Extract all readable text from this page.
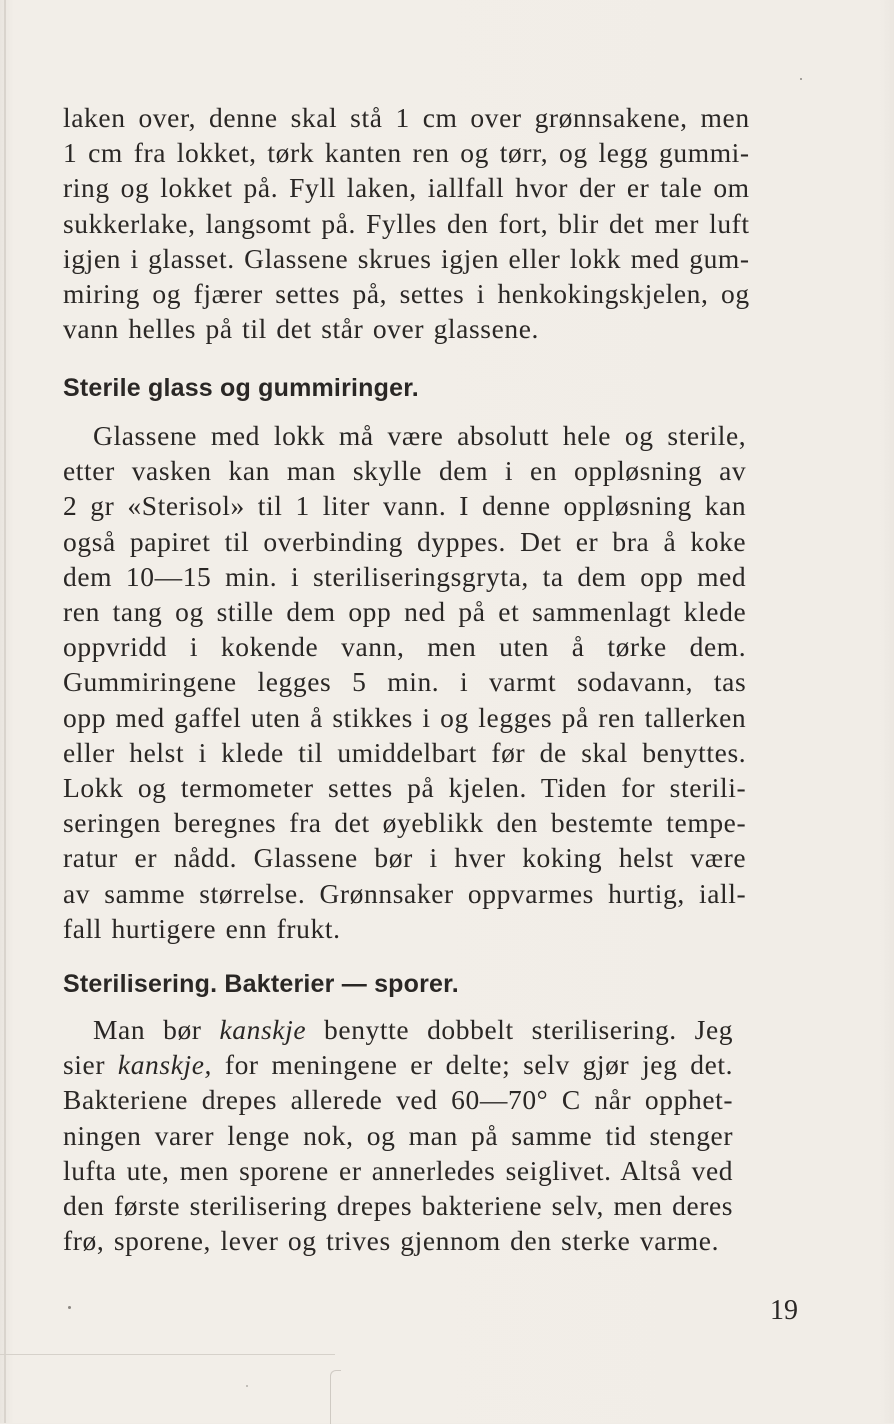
laken over, denne skal stå 1 cm over grønnsakene, men
1 cm fra lokket, tørk kanten ren og tørr, og legg gummi-
ring og lokket på. Fyll laken, iallfall hvor der er tale om
sukkerlake, langsomt på. Fylles den fort, blir det mer luft
igjen i glasset. Glassene skrues igjen eller lokk med gum-
miring og fjærer settes på, settes i henkokingskjelen, og
vann helles på til det står over glassene.

Sterile glass og gummiringer.

Glassene med lokk må være absolutt hele og sterile,
etter vasken kan man skylle dem i en oppløsning av
2 gr «Sterisol» til 1 liter vann. I denne oppløsning kan
også papiret til overbinding dyppes. Det er bra å koke
dem 10—15 min. i steriliseringsgryta, ta dem opp med
ren tang og stille dem opp ned på et sammenlagt klede
oppvridd i kokende vann, men uten å tørke dem.
Gummiringene legges 5 min. i varmt sodavann, tas
opp med gaffel uten å stikkes i og legges på ren tallerken
eller helst i klede til umiddelbart før de skal benyttes.
Lokk og termometer settes på kjelen. Tiden for sterili-
seringen beregnes fra det øyeblikk den bestemte tempe-
ratur er nådd. Glassene bør i hver koking helst være
av samme størrelse. Grønnsaker oppvarmes hurtig, iall-
fall hurtigere enn frukt.

Sterilisering. Bakterier — sporer.

Man bør kanskje benytte dobbelt sterilisering. Jeg
sier kanskje, for meningene er delte; selv gjør jeg det.
Bakteriene drepes allerede ved 60—70° C når opphet-
ningen varer lenge nok, og man på samme tid stenger
lufta ute, men sporene er annerledes seiglivet. Altså ved
den første sterilisering drepes bakteriene selv, men deres
frø, sporene, lever og trives gjennom den sterke varme.

19
